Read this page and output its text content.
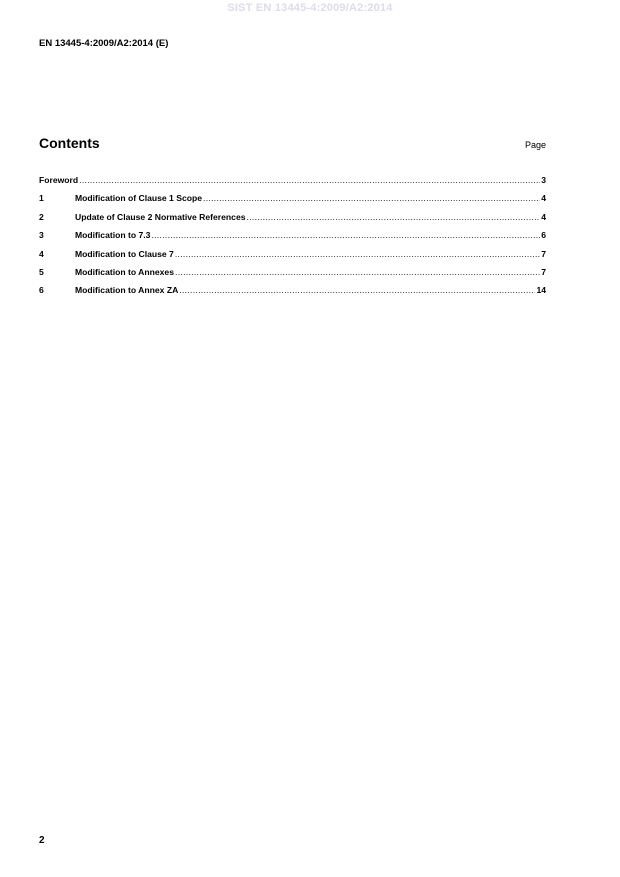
SIST EN 13445-4:2009/A2:2014
EN 13445-4:2009/A2:2014 (E)
Contents	Page
Foreword .....	3
1	Modification of Clause 1 Scope .....	4
2	Update of Clause 2 Normative References .....	4
3	Modification to 7.3 .....	6
4	Modification to Clause 7 .....	7
5	Modification to Annexes .....	7
6	Modification to Annex ZA .....	14
2
